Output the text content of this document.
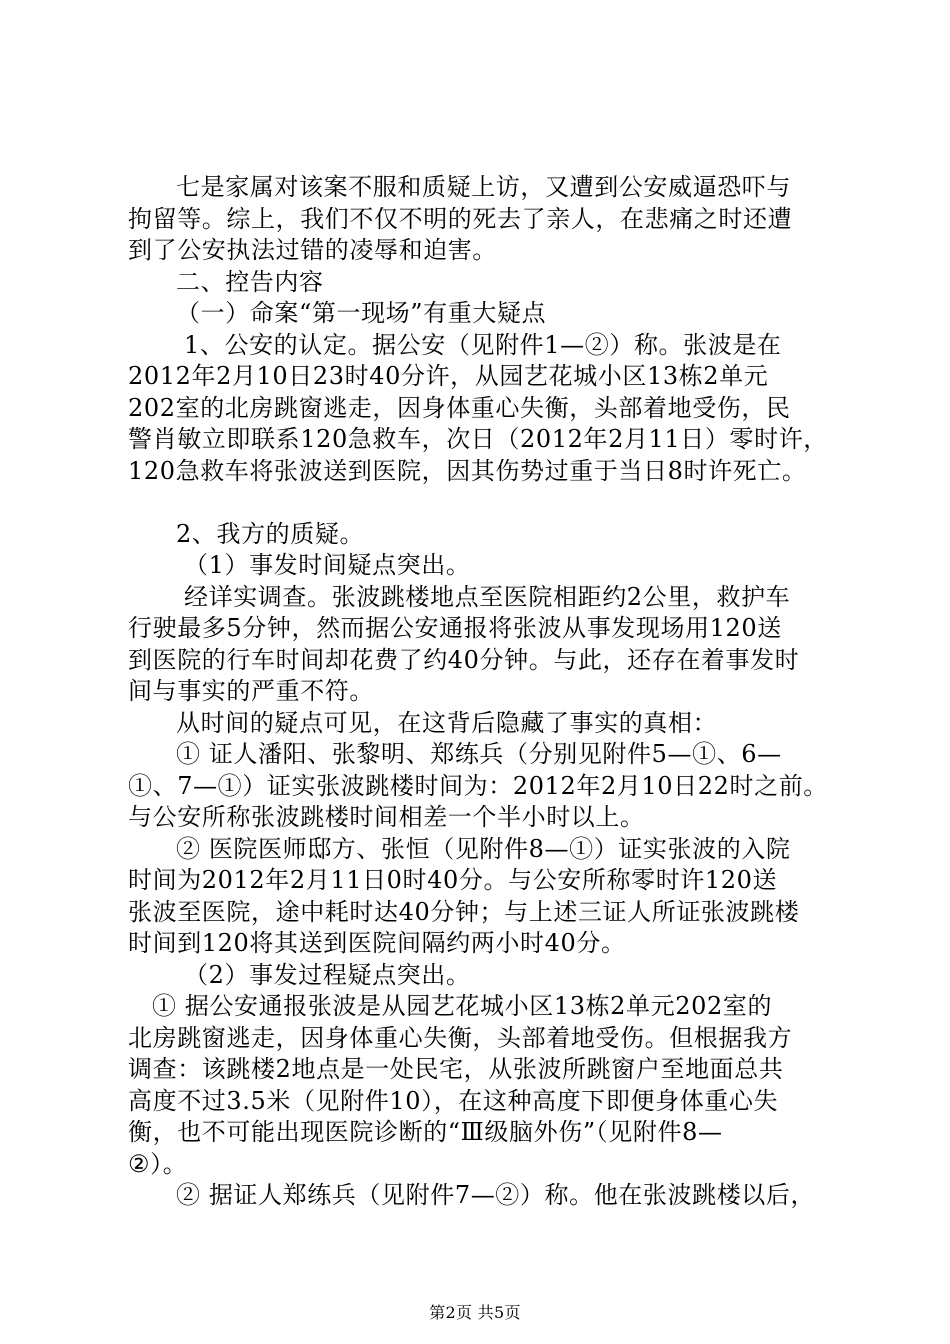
七是家属对该案不服和质疑上访，又遭到公安威逼恐吓与
拘留等。综上，我们不仅不明的死去了亲人，在悲痛之时还遭
到了公安执法过错的凌辱和迫害。
二、控告内容
（一）命案“第一现场”有重大疑点
1、公安的认定。据公安（见附件1—②）称。张波是在
2012年2月10日23时40分许，从园艺花城小区13栋2单元
202室的北房跳窗逃走，因身体重心失衡，头部着地受伤，民
警肖敏立即联系120急救车，次日（2012年2月11日）零时许，
120急救车将张波送到医院，因其伤势过重于当日8时许死亡。
2、我方的质疑。
（1）事发时间疑点突出。
经详实调查。张波跳楼地点至医院相距约2公里，救护车
行驶最多5分钟，然而据公安通报将张波从事发现场用120送
到医院的行车时间却花费了约40分钟。与此，还存在着事发时
间与事实的严重不符。
从时间的疑点可见，在这背后隐藏了事实的真相：
① 证人潘阳、张黎明、郑练兵（分别见附件5—①、6—
①、7—①）证实张波跳楼时间为：2012年2月10日22时之前。
与公安所称张波跳楼时间相差一个半小时以上。
② 医院医师邸方、张恒（见附件8—①）证实张波的入院
时间为2012年2月11日0时40分。与公安所称零时许120送
张波至医院，途中耗时达40分钟；与上述三证人所证张波跳楼
时间到120将其送到医院间隔约两小时40分。
（2）事发过程疑点突出。
① 据公安通报张波是从园艺花城小区13栋2单元202室的
北房跳窗逃走，因身体重心失衡，头部着地受伤。但根据我方
调查：该跳楼2地点是一处民宅，从张波所跳窗户至地面总共
高度不过3.5米（见附件10），在这种高度下即便身体重心失
衡，也不可能出现医院诊断的“Ⅲ级脑外伤”（见附件8—
②）。
② 据证人郑练兵（见附件7—②）称。他在张波跳楼以后，
第2页 共5页
